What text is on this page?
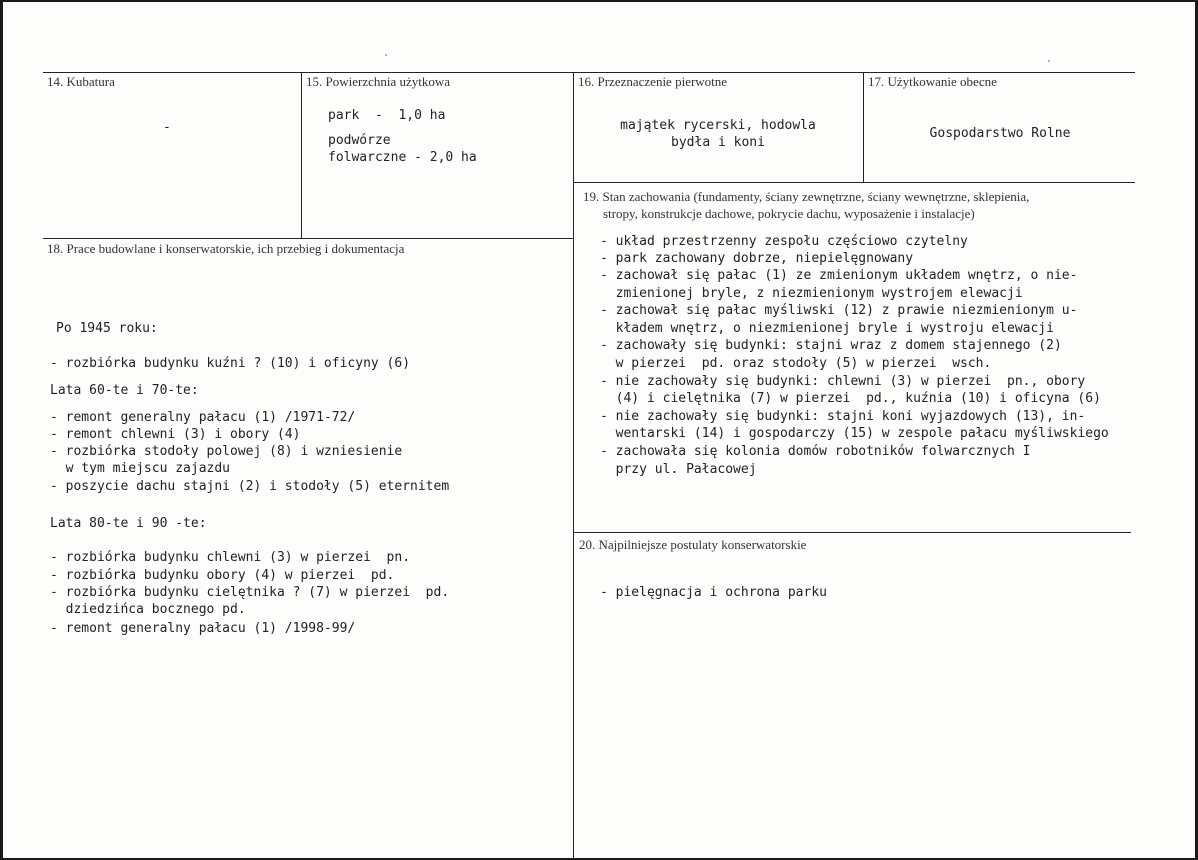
14. Kubatura
-
15. Powierzchnia użytkowa
park  -  1,0 ha
podwórze
folwarczne - 2,0 ha
16. Przeznaczenie pierwotne
majątek rycerski, hodowla
bydła i koni
17. Użytkowanie obecne
Gospodarstwo Rolne
18. Prace budowlane i konserwatorskie, ich przebieg i dokumentacja
Po 1945 roku:
- rozbiórka budynku kuźni ? (10) i oficyny (6)
Lata 60-te i 70-te:
- remont generalny pałacu (1) /1971-72/
- remont chlewni (3) i obory (4)
- rozbiórka stodoły polowej (8) i wzniesienie
w tym miejscu zajazdu
- poszycie dachu stajni (2) i stodoły (5) eternitem
Lata 80-te i 90 -te:
- rozbiórka budynku chlewni (3) w pierzei  pn.
- rozbiórka budynku obory (4) w pierzei  pd.
- rozbiórka budynku cielętnika ? (7) w pierzei  pd.
dziedzińca bocznego pd.
- remont generalny pałacu (1) /1998-99/
19. Stan zachowania (fundamenty, ściany zewnętrzne, ściany wewnętrzne, sklepienia,
stropy, konstrukcje dachowe, pokrycie dachu, wyposażenie i instalacje)
- układ przestrzenny zespołu częściowo czytelny
- park zachowany dobrze, niepielęgnowany
- zachował się pałac (1) ze zmienionym układem wnętrz, o nie-
zmienionej bryle, z niezmienionym wystrojem elewacji
- zachował się pałac myśliwski (12) z prawie niezmienionym u-
kładem wnętrz, o niezmienionej bryle i wystroju elewacji
- zachowały się budynki: stajni wraz z domem stajennego (2)
w pierzei  pd. oraz stodoły (5) w pierzei  wsch.
- nie zachowały się budynki: chlewni (3) w pierzei  pn., obory
(4) i cielętnika (7) w pierzei  pd., kuźnia (10) i oficyna (6)
- nie zachowały się budynki: stajni koni wyjazdowych (13), in-
wentarski (14) i gospodarczy (15) w zespole pałacu myśliwskiego
- zachowała się kolonia domów robotników folwarcznych I
przy ul. Pałacowej
20. Najpilniejsze postulaty konserwatorskie
- pielęgnacja i ochrona parku
